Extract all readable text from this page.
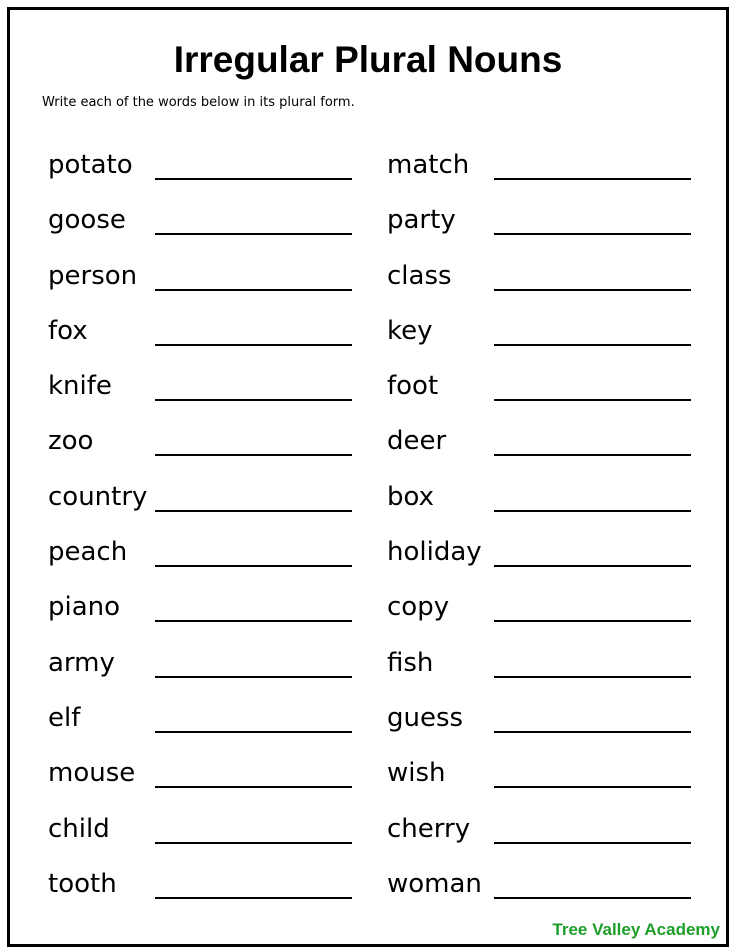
Irregular Plural Nouns

Write each of the words below in its plural form.

potato
goose
person
fox
knife
zoo
country
peach
piano
army
elf
mouse
child
tooth
match
party
class
key
foot
deer
box
holiday
copy
fish
guess
wish
cherry
woman

Tree Valley Academy
